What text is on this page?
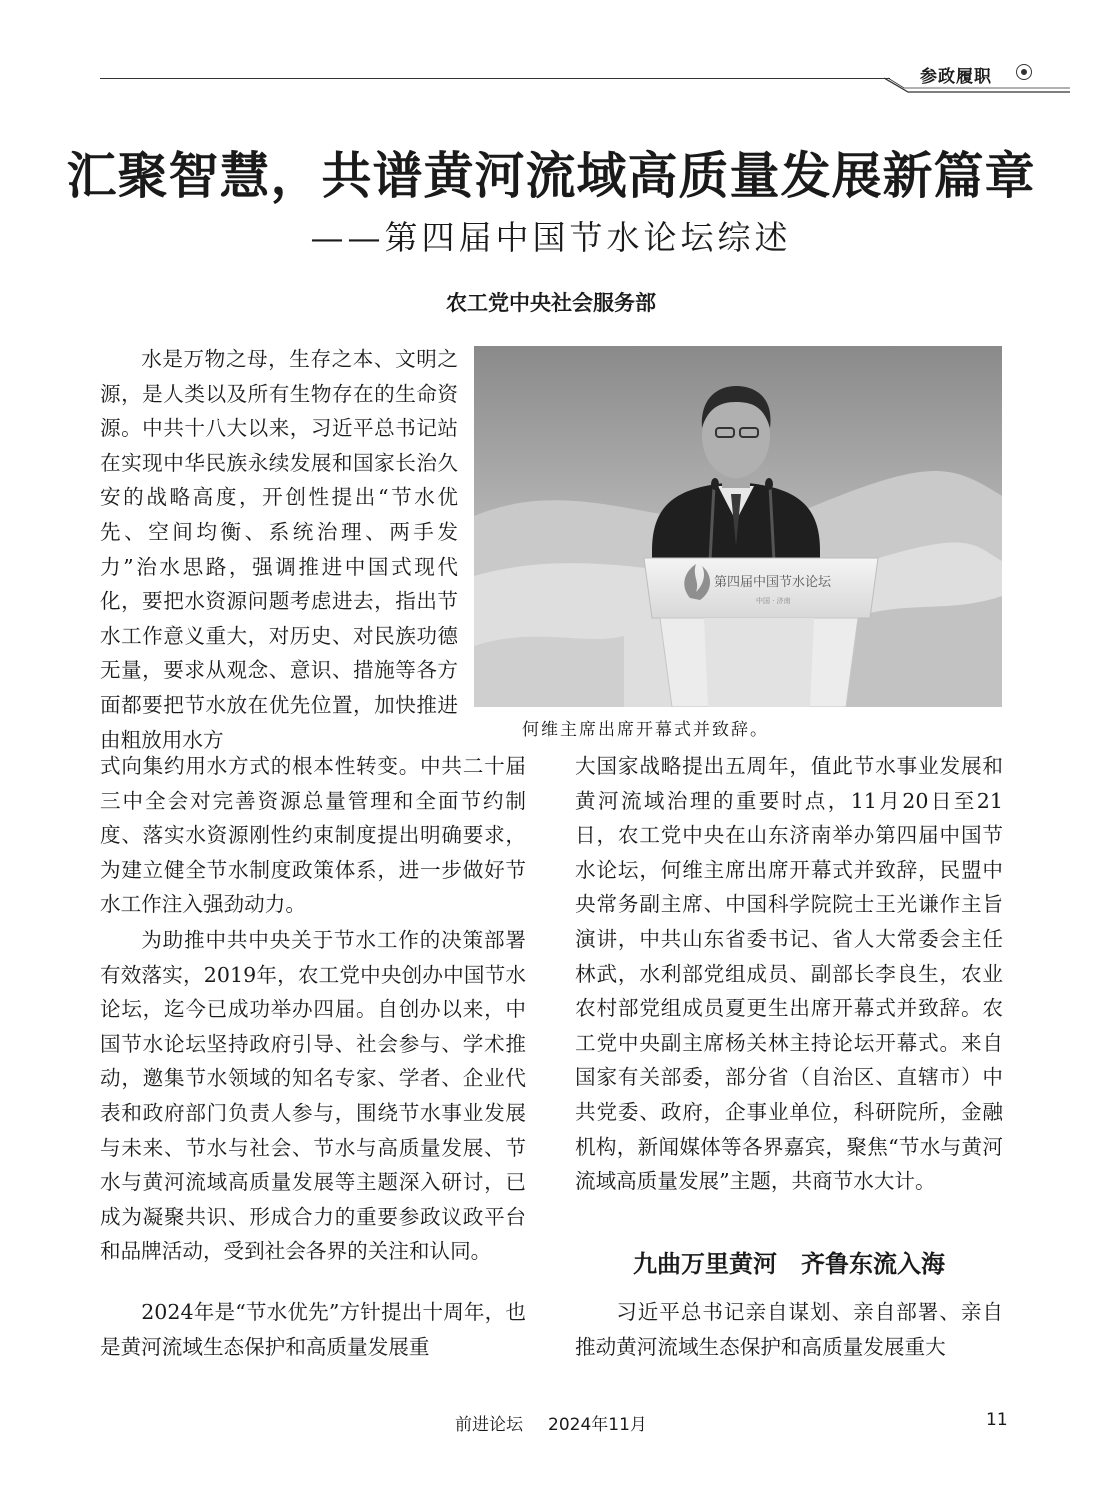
参政履职
汇聚智慧，共谱黄河流域高质量发展新篇章
——第四届中国节水论坛综述
农工党中央社会服务部

水是万物之母，生存之本、文明之源，是人类以及所有生物存在的生命资源。中共十八大以来，习近平总书记站在实现中华民族永续发展和国家长治久安的战略高度，开创性提出“节水优先、空间均衡、系统治理、两手发力”治水思路，强调推进中国式现代化，要把水资源问题考虑进去，指出节水工作意义重大，对历史、对民族功德无量，要求从观念、意识、措施等各方面都要把节水放在优先位置，加快推进由粗放用水方

式向集约用水方式的根本性转变。中共二十届三中全会对完善资源总量管理和全面节约制度、落实水资源刚性约束制度提出明确要求，为建立健全节水制度政策体系，进一步做好节水工作注入强劲动力。

为助推中共中央关于节水工作的决策部署有效落实，2019年，农工党中央创办中国节水论坛，迄今已成功举办四届。自创办以来，中国节水论坛坚持政府引导、社会参与、学术推动，邀集节水领域的知名专家、学者、企业代表和政府部门负责人参与，围绕节水事业发展与未来、节水与社会、节水与高质量发展、节水与黄河流域高质量发展等主题深入研讨，已成为凝聚共识、形成合力的重要参政议政平台和品牌活动，受到社会各界的关注和认同。

2024年是“节水优先”方针提出十周年，也是黄河流域生态保护和高质量发展重

大国家战略提出五周年，值此节水事业发展和黄河流域治理的重要时点，11月20日至21日，农工党中央在山东济南举办第四届中国节水论坛，何维主席出席开幕式并致辞，民盟中央常务副主席、中国科学院院士王光谦作主旨演讲，中共山东省委书记、省人大常委会主任林武，水利部党组成员、副部长李良生，农业农村部党组成员夏更生出席开幕式并致辞。农工党中央副主席杨关林主持论坛开幕式。来自国家有关部委，部分省（自治区、直辖市）中共党委、政府，企事业单位，科研院所，金融机构，新闻媒体等各界嘉宾，聚焦“节水与黄河流域高质量发展”主题，共商节水大计。

九曲万里黄河　齐鲁东流入海

习近平总书记亲自谋划、亲自部署、亲自推动黄河流域生态保护和高质量发展重大

第四届中国节水论坛
中国 · 济南
何维主席出席开幕式并致辞。
前进论坛 2024年11月	11
